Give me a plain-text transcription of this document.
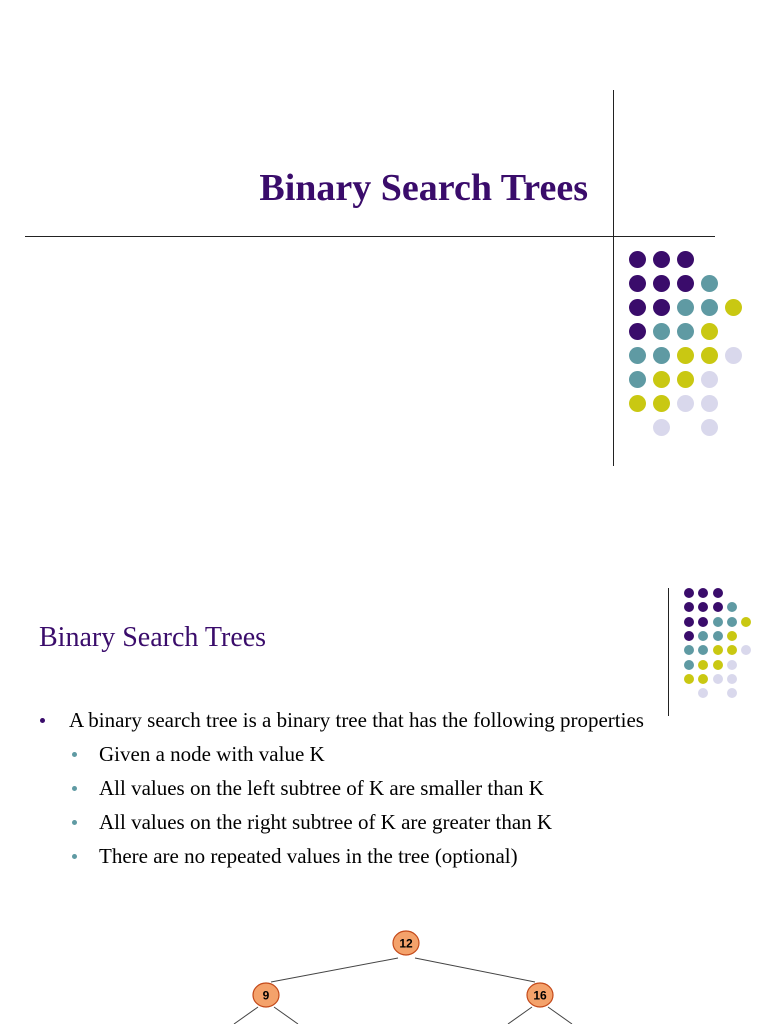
Binary Search Trees
Binary Search Trees
A binary search tree is a binary tree that has the following properties
Given a node with value K
All values on the left subtree of K are smaller than K
All values on the right subtree of K are greater than K
There are no repeated values in the tree (optional)
12
9	16
